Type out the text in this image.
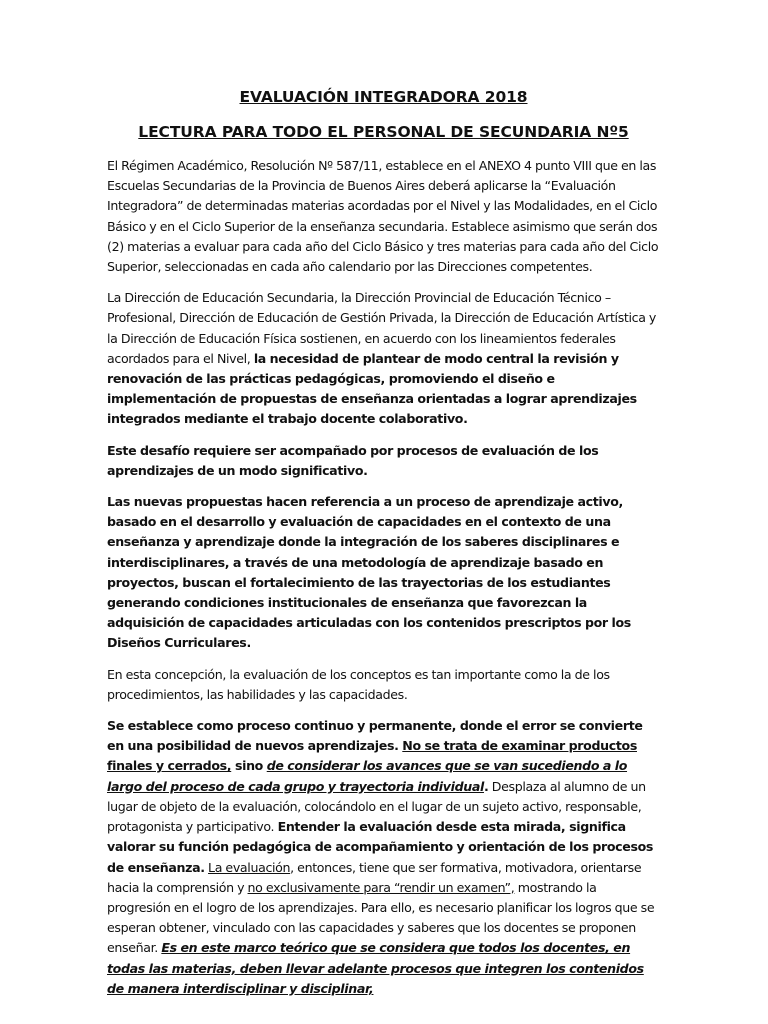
EVALUACIÓN INTEGRADORA 2018

LECTURA PARA TODO EL PERSONAL DE SECUNDARIA Nº5

El Régimen Académico, Resolución Nº 587/11, establece en el ANEXO 4 punto VIII que en las Escuelas Secundarias de la Provincia de Buenos Aires deberá aplicarse la “Evaluación Integradora” de determinadas materias acordadas por el Nivel y las Modalidades, en el Ciclo Básico y en el Ciclo Superior de la enseñanza secundaria. Establece asimismo que serán dos (2) materias a evaluar para cada año del Ciclo Básico y tres materias para cada año del Ciclo Superior, seleccionadas en cada año calendario por las Direcciones competentes.

La Dirección de Educación Secundaria, la Dirección Provincial de Educación Técnico – Profesional, Dirección de Educación de Gestión Privada, la Dirección de Educación Artística y la Dirección de Educación Física sostienen, en acuerdo con los lineamientos federales acordados para el Nivel, la necesidad de plantear de modo central la revisión y renovación de las prácticas pedagógicas, promoviendo el diseño e implementación de propuestas de enseñanza orientadas a lograr aprendizajes integrados mediante el trabajo docente colaborativo.

Este desafío requiere ser acompañado por procesos de evaluación de los aprendizajes de un modo significativo.

Las nuevas propuestas hacen referencia a un proceso de aprendizaje activo, basado en el desarrollo y evaluación de capacidades en el contexto de una enseñanza y aprendizaje donde la integración de los saberes disciplinares e interdisciplinares, a través de una metodología de aprendizaje basado en proyectos, buscan el fortalecimiento de las trayectorias de los estudiantes generando condiciones institucionales de enseñanza que favorezcan la adquisición de capacidades articuladas con los contenidos prescriptos por los Diseños Curriculares.

En esta concepción, la evaluación de los conceptos es tan importante como la de los procedimientos, las habilidades y las capacidades.

Se establece como proceso continuo y permanente, donde el error se convierte en una posibilidad de nuevos aprendizajes. No se trata de examinar productos finales y cerrados, sino de considerar los avances que se van sucediendo a lo largo del proceso de cada grupo y trayectoria individual. Desplaza al alumno de un lugar de objeto de la evaluación, colocándolo en el lugar de un sujeto activo, responsable, protagonista y participativo. Entender la evaluación desde esta mirada, significa valorar su función pedagógica de acompañamiento y orientación de los procesos de enseñanza. La evaluación, entonces, tiene que ser formativa, motivadora, orientarse hacia la comprensión y no exclusivamente para “rendir un examen”, mostrando la progresión en el logro de los aprendizajes. Para ello, es necesario planificar los logros que se esperan obtener, vinculado con las capacidades y saberes que los docentes se proponen enseñar. Es en este marco teórico que se considera que todos los docentes, en todas las materias, deben llevar adelante procesos que integren los contenidos de manera interdisciplinar y disciplinar,
